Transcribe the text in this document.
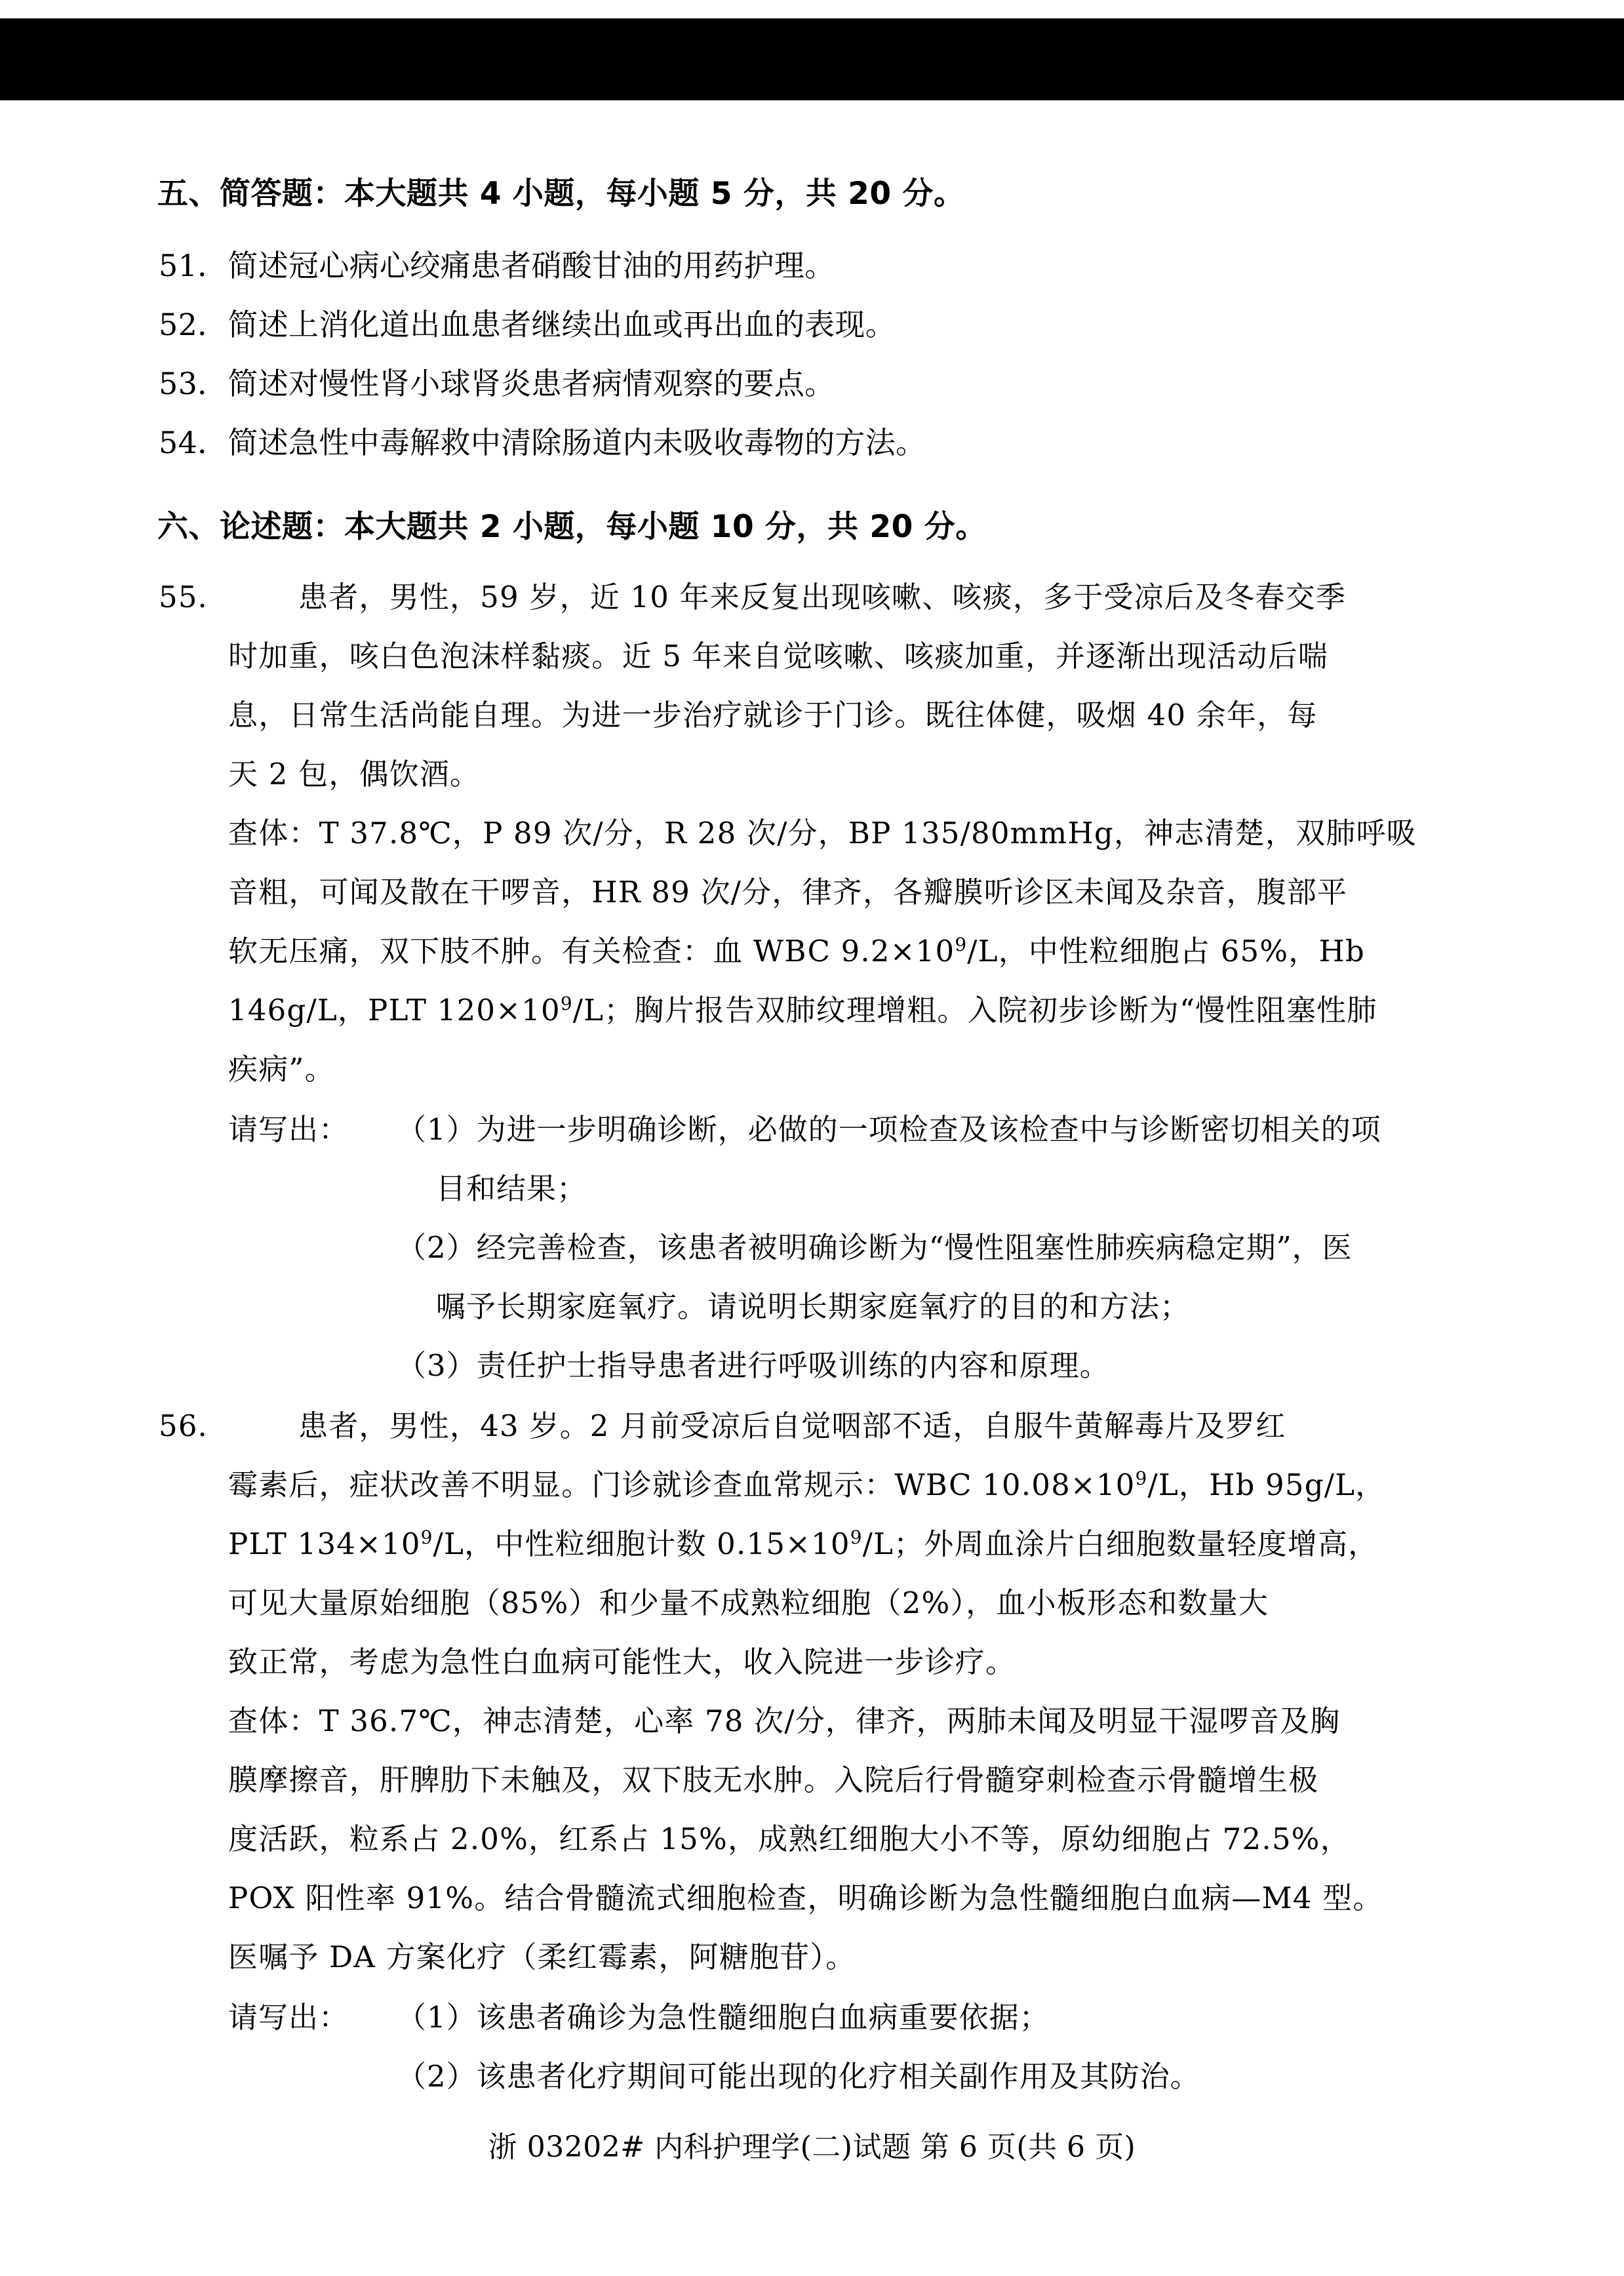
五、简答题：本大题共 4 小题，每小题 5 分，共 20 分。
51．简述冠心病心绞痛患者硝酸甘油的用药护理。
52．简述上消化道出血患者继续出血或再出血的表现。
53．简述对慢性肾小球肾炎患者病情观察的要点。
54．简述急性中毒解救中清除肠道内未吸收毒物的方法。
六、论述题：本大题共 2 小题，每小题 10 分，共 20 分。
55． 患者，男性，59 岁，近 10 年来反复出现咳嗽、咳痰，多于受凉后及冬春交季
时加重，咳白色泡沫样黏痰。近 5 年来自觉咳嗽、咳痰加重，并逐渐出现活动后喘
息，日常生活尚能自理。为进一步治疗就诊于门诊。既往体健，吸烟 40 余年，每
天 2 包，偶饮酒。
查体：T 37.8℃，P 89 次/分，R 28 次/分，BP 135/80mmHg，神志清楚，双肺呼吸
音粗，可闻及散在干啰音，HR 89 次/分，律齐，各瓣膜听诊区未闻及杂音，腹部平
软无压痛，双下肢不肿。有关检查：血 WBC $9.2\times 10^9/L$，中性粒细胞占 65%，Hb
146g/L，PLT $120\times 10^9/L$；胸片报告双肺纹理增粗。入院初步诊断为“慢性阻塞性肺
疾病”。
请写出： （1）为进一步明确诊断，必做的一项检查及该检查中与诊断密切相关的项
目和结果；
（2）经完善检查，该患者被明确诊断为“慢性阻塞性肺疾病稳定期”，医
嘱予长期家庭氧疗。请说明长期家庭氧疗的目的和方法；
（3）责任护士指导患者进行呼吸训练的内容和原理。
56． 患者，男性，43 岁。2 月前受凉后自觉咽部不适，自服牛黄解毒片及罗红
霉素后，症状改善不明显。门诊就诊查血常规示：WBC $10.08\times 10^9/L$，Hb 95g/L，
PLT $134\times 10^9/L$，中性粒细胞计数 $0.15\times 10^9/L$；外周血涂片白细胞数量轻度增高，
可见大量原始细胞（85%）和少量不成熟粒细胞（2%），血小板形态和数量大
致正常，考虑为急性白血病可能性大，收入院进一步诊疗。
查体：T 36.7℃，神志清楚，心率 78 次/分，律齐，两肺未闻及明显干湿啰音及胸
膜摩擦音，肝脾肋下未触及，双下肢无水肿。入院后行骨髓穿刺检查示骨髓增生极
度活跃，粒系占 2.0%，红系占 15%，成熟红细胞大小不等，原幼细胞占 72.5%，
POX 阳性率 91%。结合骨髓流式细胞检查，明确诊断为急性髓细胞白血病—M4 型。
医嘱予 DA 方案化疗（柔红霉素，阿糖胞苷）。
请写出： （1）该患者确诊为急性髓细胞白血病重要依据；
（2）该患者化疗期间可能出现的化疗相关副作用及其防治。
浙 03202# 内科护理学(二)试题 第 6 页(共 6 页)
